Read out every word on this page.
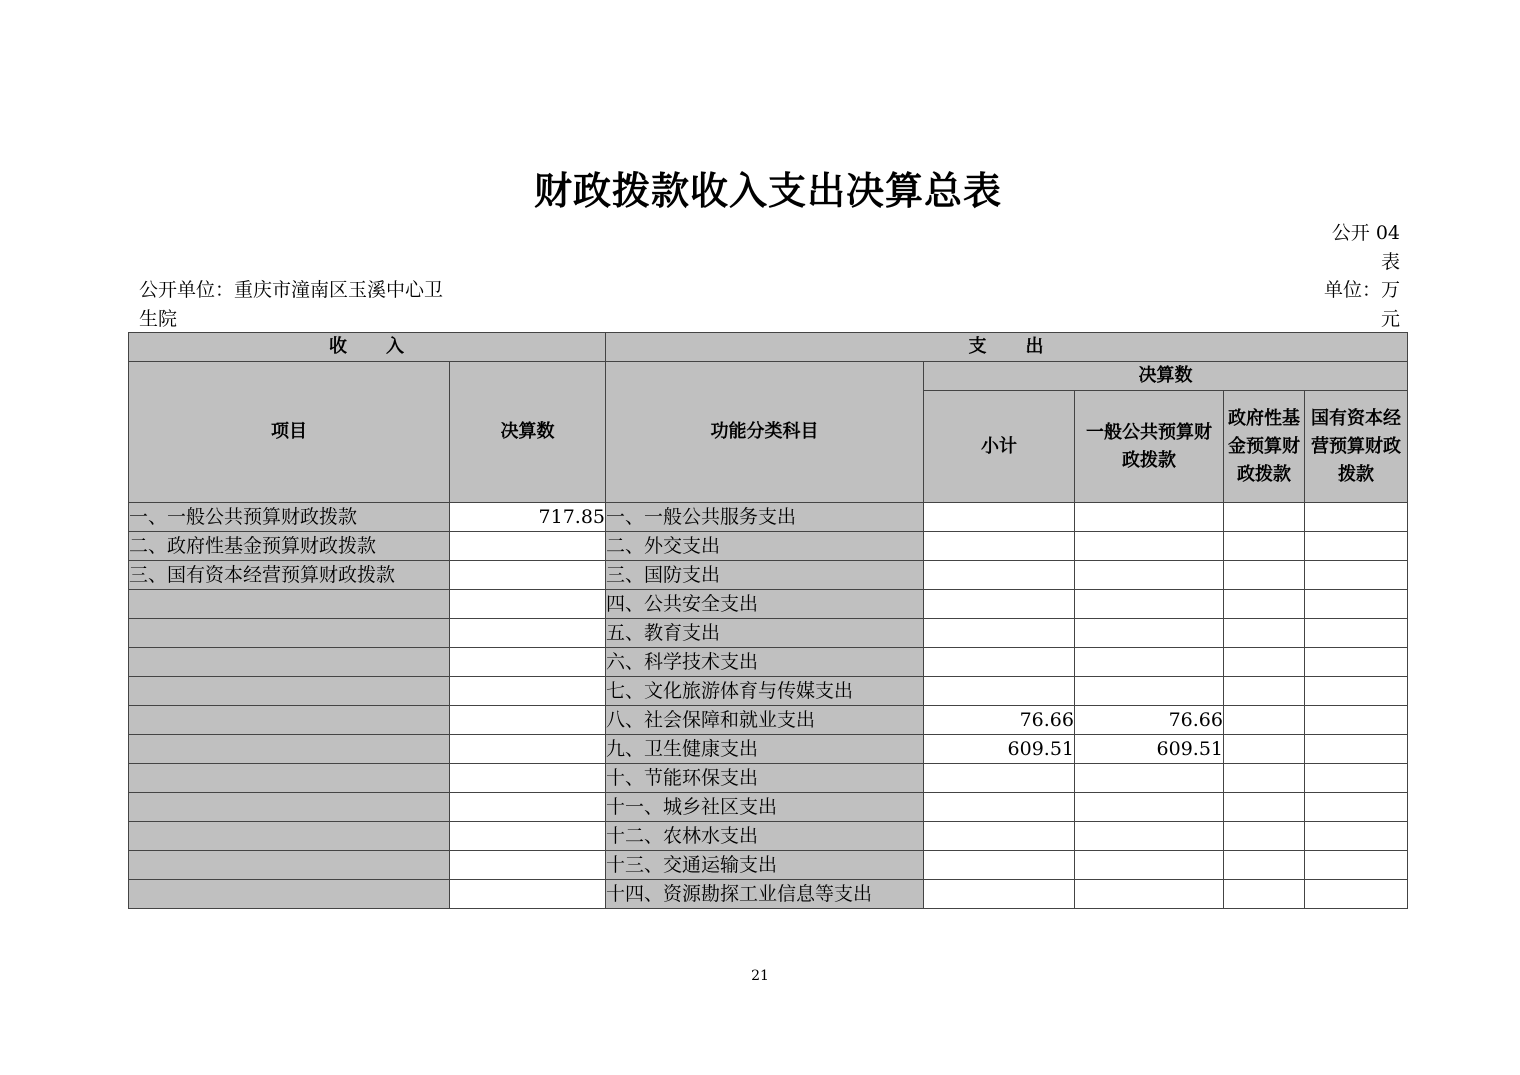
财政拨款收入支出决算总表
公开 04 表
公开单位：重庆市潼南区玉溪中心卫生院
单位：万元
收　　入		支　　出				
项目	决算数	功能分类科目	决算数			
			小计	一般公共预算财政拨款	政府性基金预算财政拨款	国有资本经营预算财政拨款
一、一般公共预算财政拨款	717.85	一、一般公共服务支出				
二、政府性基金预算财政拨款		二、外交支出				
三、国有资本经营预算财政拨款		三、国防支出				
		四、公共安全支出				
		五、教育支出				
		六、科学技术支出				
		七、文化旅游体育与传媒支出				
		八、社会保障和就业支出	76.66	76.66		
		九、卫生健康支出	609.51	609.51		
		十、节能环保支出				
		十一、城乡社区支出				
		十二、农林水支出				
		十三、交通运输支出				
		十四、资源勘探工业信息等支出				
21
